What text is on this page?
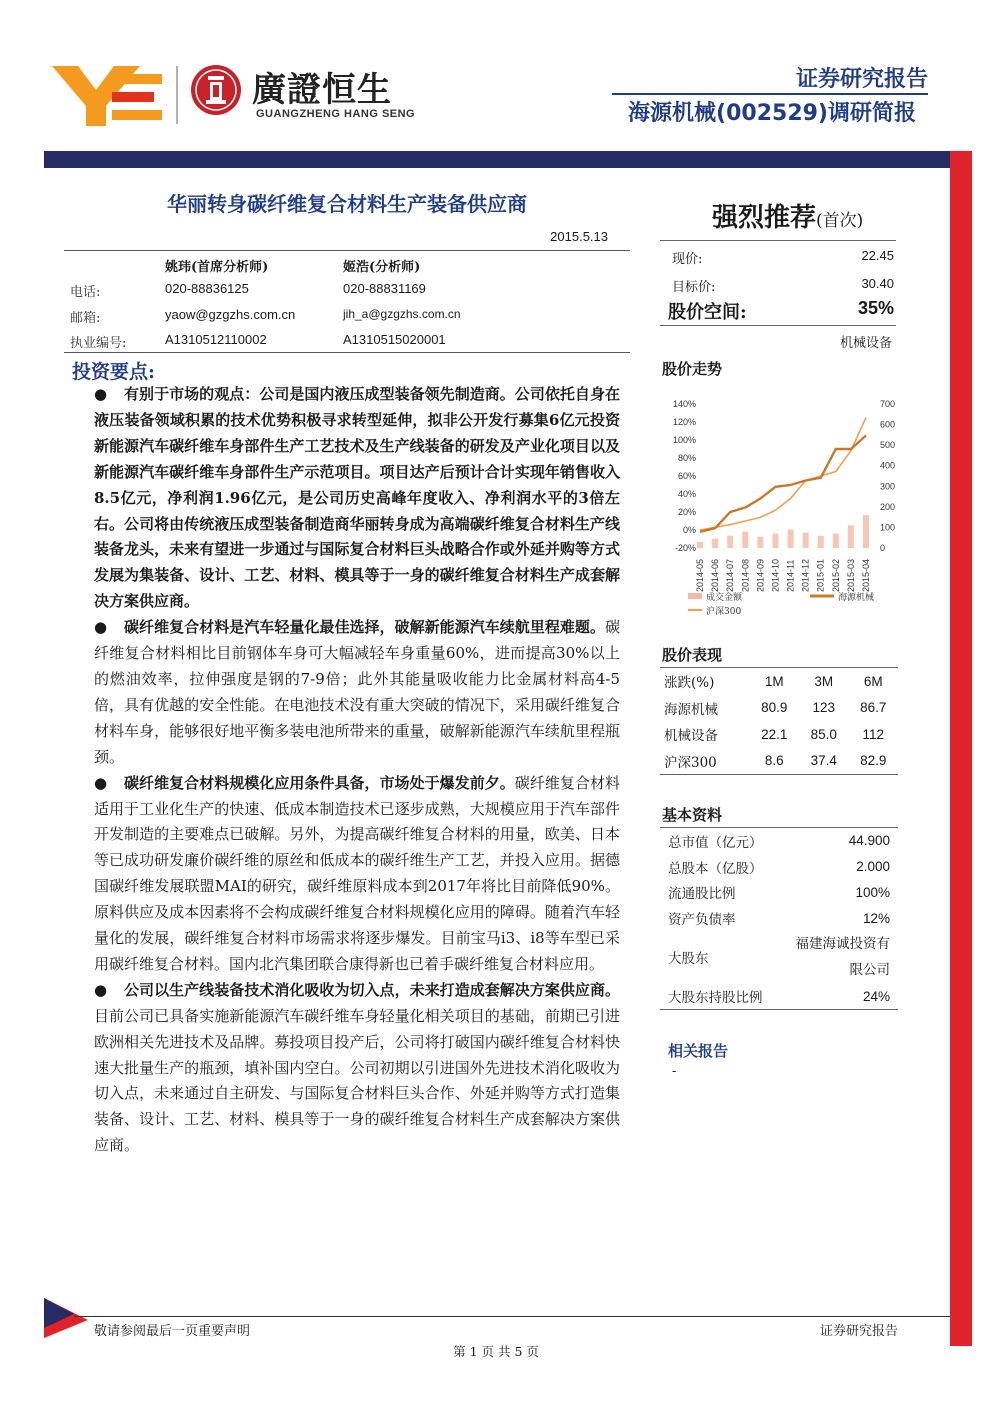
廣證恒生
GUANGZHENG HANG SENG
证券研究报告
海源机械(002529)调研简报
华丽转身碳纤维复合材料生产装备供应商
2015.5.13
姚玮(首席分析师)	姬浩(分析师)
电话:	020-88836125	020-88831169
邮箱:	yaow@gzgzhs.com.cn	jih_a@gzgzhs.com.cn
执业编号:	A1310512110002	A1310515020001
投资要点:

● 有别于市场的观点：公司是国内液压成型装备领先制造商。公司依托自身在液压装备领域积累的技术优势积极寻求转型延伸，拟非公开发行募集6亿元投资新能源汽车碳纤维车身部件生产工艺技术及生产线装备的研发及产业化项目以及新能源汽车碳纤维车身部件生产示范项目。项目达产后预计合计实现年销售收入8.5亿元，净利润1.96亿元，是公司历史高峰年度收入、净利润水平的3倍左右。公司将由传统液压成型装备制造商华丽转身成为高端碳纤维复合材料生产线装备龙头，未来有望进一步通过与国际复合材料巨头战略合作或外延并购等方式发展为集装备、设计、工艺、材料、模具等于一身的碳纤维复合材料生产成套解决方案供应商。

● 碳纤维复合材料是汽车轻量化最佳选择，破解新能源汽车续航里程难题。碳纤维复合材料相比目前钢体车身可大幅减轻车身重量60%，进而提高30%以上的燃油效率，拉伸强度是钢的7-9倍；此外其能量吸收能力比金属材料高4-5倍，具有优越的安全性能。在电池技术没有重大突破的情况下，采用碳纤维复合材料车身，能够很好地平衡多装电池所带来的重量，破解新能源汽车续航里程瓶颈。

● 碳纤维复合材料规模化应用条件具备，市场处于爆发前夕。碳纤维复合材料适用于工业化生产的快速、低成本制造技术已逐步成熟，大规模应用于汽车部件开发制造的主要难点已破解。另外，为提高碳纤维复合材料的用量，欧美、日本等已成功研发廉价碳纤维的原丝和低成本的碳纤维生产工艺，并投入应用。据德国碳纤维发展联盟MAI的研究，碳纤维原料成本到2017年将比目前降低90%。原料供应及成本因素将不会构成碳纤维复合材料规模化应用的障碍。随着汽车轻量化的发展，碳纤维复合材料市场需求将逐步爆发。目前宝马i3、i8等车型已采用碳纤维复合材料。国内北汽集团联合康得新也已着手碳纤维复合材料应用。

● 公司以生产线装备技术消化吸收为切入点，未来打造成套解决方案供应商。目前公司已具备实施新能源汽车碳纤维车身轻量化相关项目的基础，前期已引进欧洲相关先进技术及品牌。募投项目投产后，公司将打破国内碳纤维复合材料快速大批量生产的瓶颈，填补国内空白。公司初期以引进国外先进技术消化吸收为切入点，未来通过自主研发、与国际复合材料巨头合作、外延并购等方式打造集装备、设计、工艺、材料、模具等于一身的碳纤维复合材料生产成套解决方案供应商。

强烈推荐(首次)
现价:	22.45
目标价:	30.40
股价空间:	35%
机械设备
股价走势
140%
120%
100%
80%
60%
40%
20%
0%
-20%
700
600
500
400
300
200
100
0
2014-05 2014-06 2014-07 2014-08 2014-09 2014-10 2014-11 2014-12 2015-01 2015-02 2015-03 2015-04
成交金额	海源机械
沪深300
股价表现
涨跌(%)	1M	3M	6M
海源机械	80.9	123	86.7
机械设备	22.1	85.0	112
沪深300	8.6	37.4	82.9
基本资料
总市值（亿元）	44.900
总股本（亿股）	2.000
流通股比例	100%
资产负债率	12%
大股东	福建海诚投资有限公司
大股东持股比例	24%
相关报告
-
敬请参阅最后一页重要声明	证券研究报告
第 1 页 共 5 页
